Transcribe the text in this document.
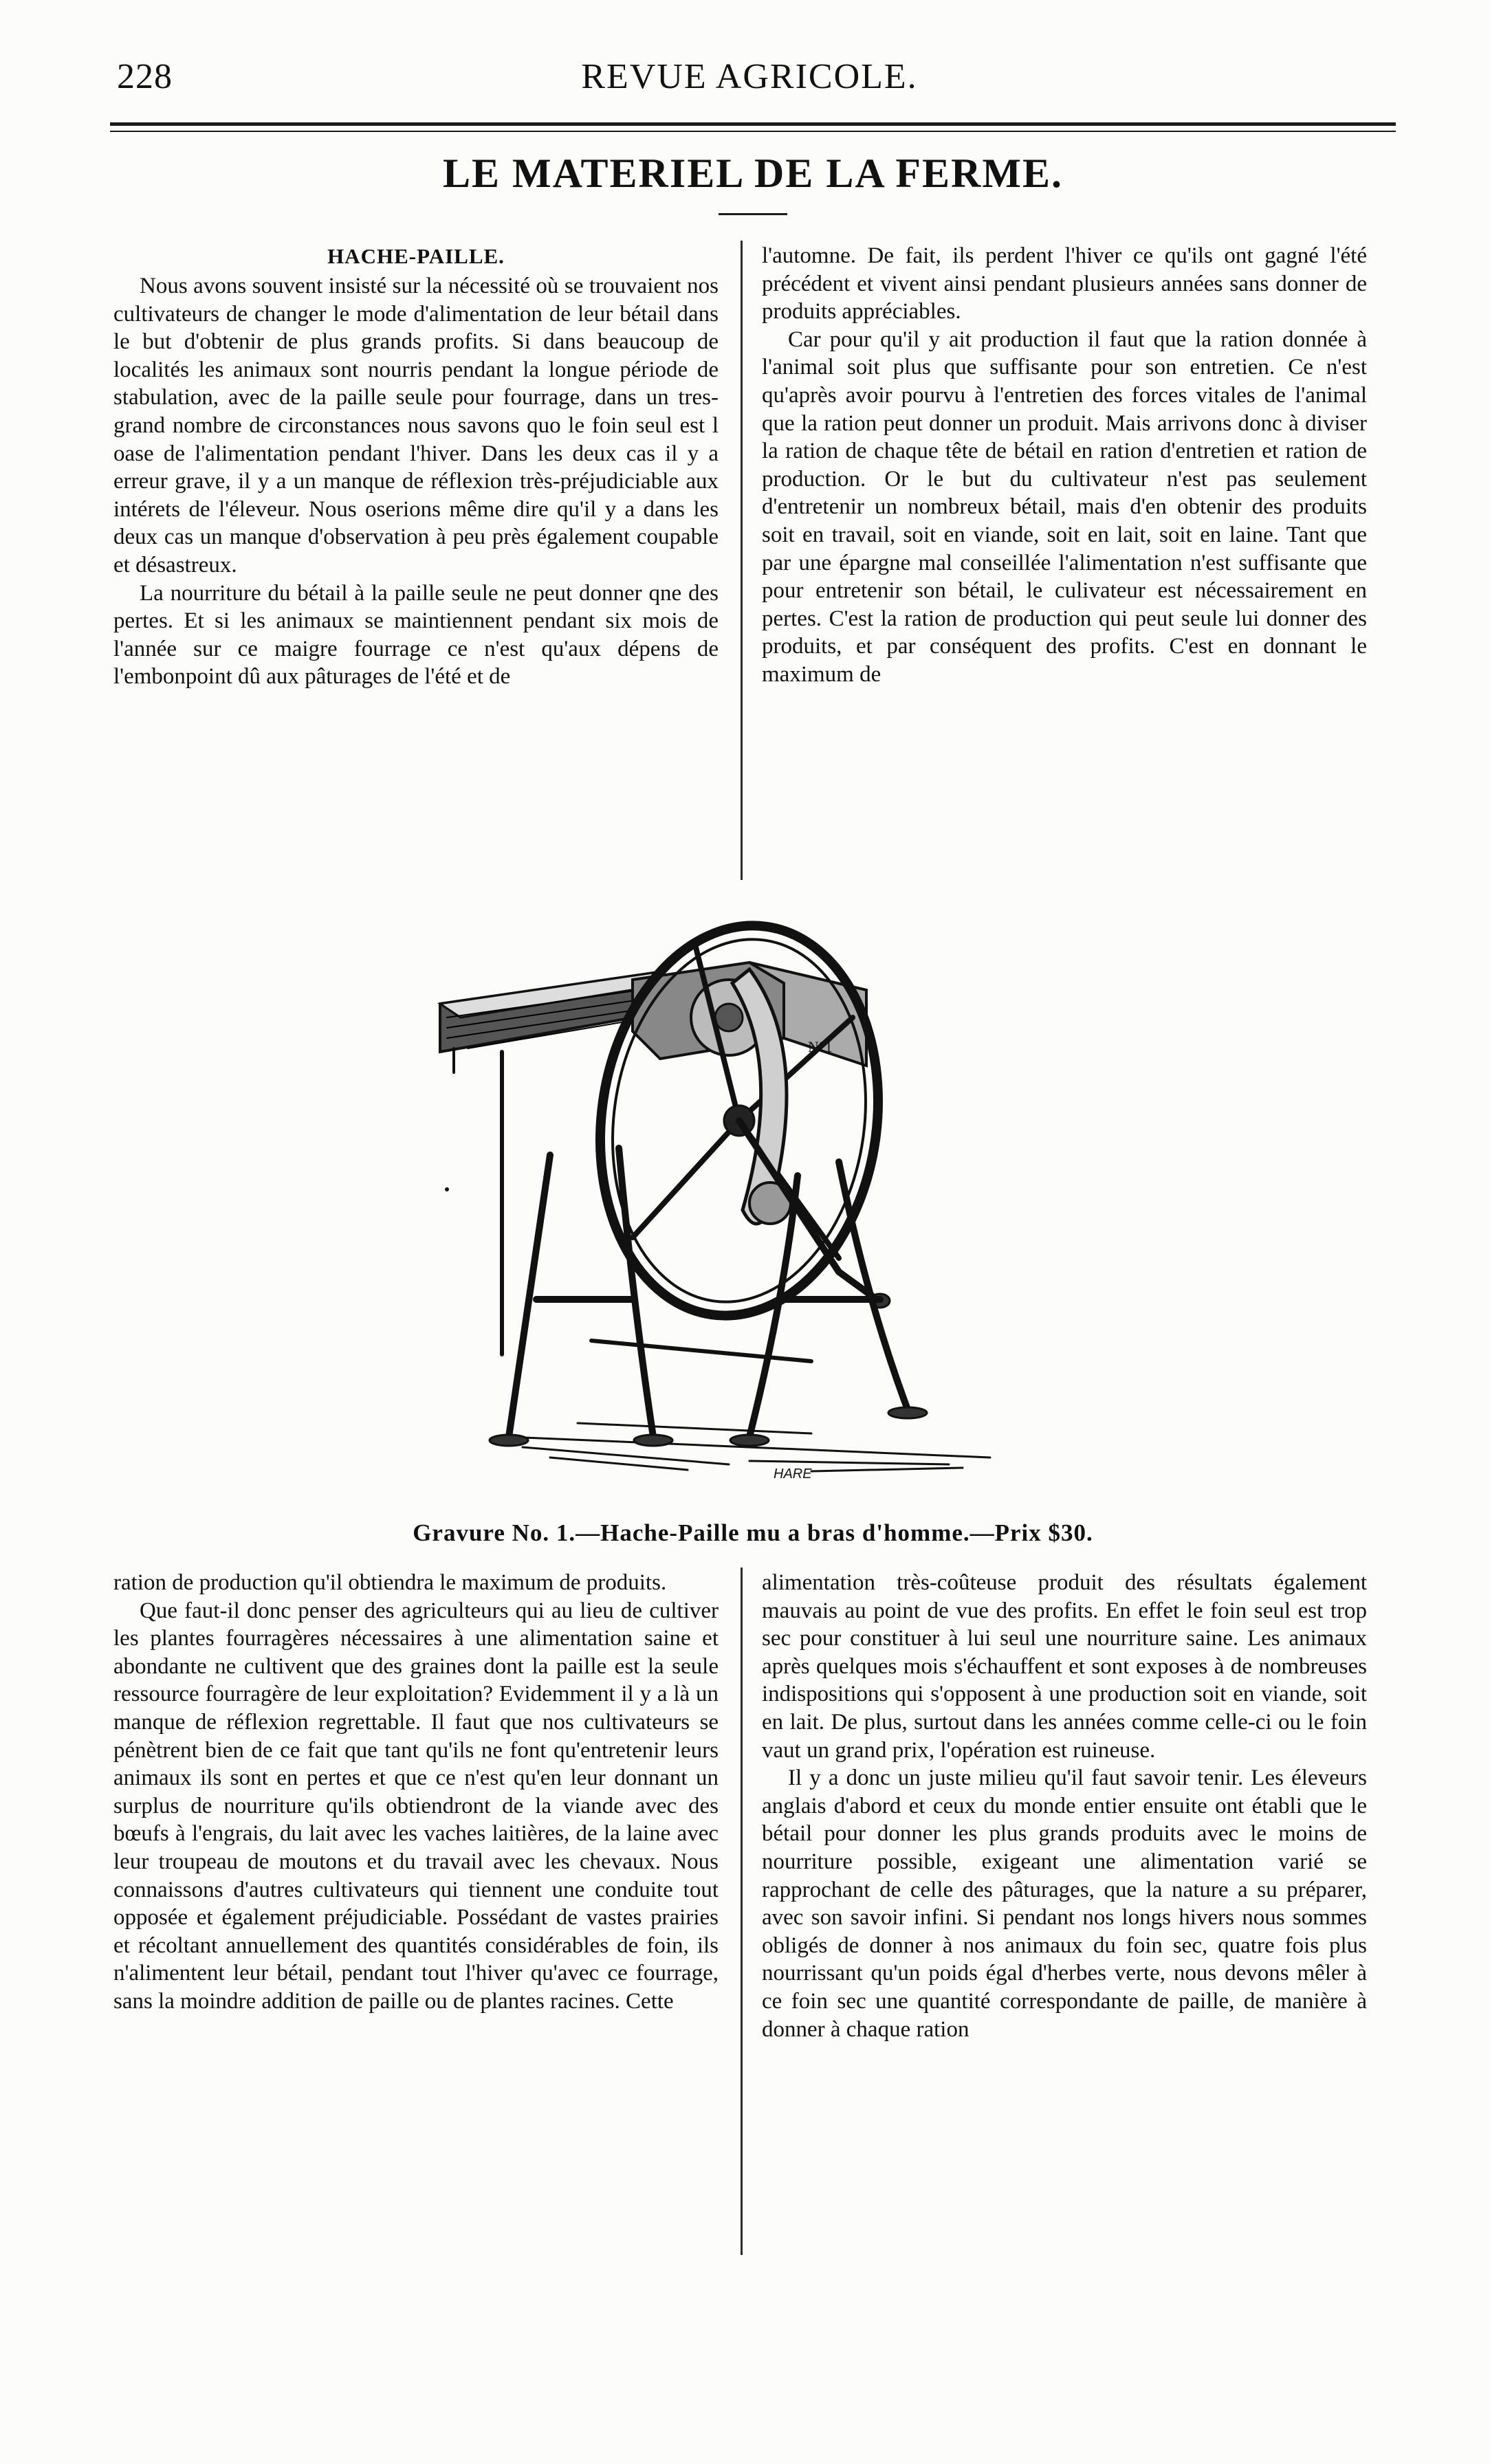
228	REVUE AGRICOLE.
LE MATERIEL DE LA FERME.
HACHE-PAILLE.

Nous avons souvent insisté sur la nécessité où se trouvaient nos cultivateurs de changer le mode d'alimentation de leur bétail dans le but d'obtenir de plus grands profits. Si dans beaucoup de localités les animaux sont nourris pendant la longue période de stabulation, avec de la paille seule pour fourrage, dans un tres-grand nombre de circonstances nous savons quo le foin seul est l oase de l'alimentation pendant l'hiver. Dans les deux cas il y a erreur grave, il y a un manque de réflexion très-préjudiciable aux intérets de l'éleveur. Nous oserions même dire qu'il y a dans les deux cas un manque d'observation à peu près également coupable et désastreux.

La nourriture du bétail à la paille seule ne peut donner qne des pertes. Et si les animaux se maintiennent pendant six mois de l'année sur ce maigre fourrage ce n'est qu'aux dépens de l'embonpoint dû aux pâturages de l'été et de

l'automne. De fait, ils perdent l'hiver ce qu'ils ont gagné l'été précédent et vivent ainsi pendant plusieurs années sans donner de produits appréciables.

Car pour qu'il y ait production il faut que la ration donnée à l'animal soit plus que suffisante pour son entretien. Ce n'est qu'après avoir pourvu à l'entretien des forces vitales de l'animal que la ration peut donner un produit. Mais arrivons donc à diviser la ration de chaque tête de bétail en ration d'entretien et ration de production. Or le but du cultivateur n'est pas seulement d'entretenir un nombreux bétail, mais d'en obtenir des produits soit en travail, soit en viande, soit en lait, soit en laine. Tant que par une épargne mal conseillée l'alimentation n'est suffisante que pour entretenir son bétail, le culivateur est nécessairement en pertes. C'est la ration de production qui peut seule lui donner des produits, et par conséquent des profits. C'est en donnant le maximum de

N°1
HARE
Gravure No. 1.—Hache-Paille mu a bras d'homme.—Prix $30.

ration de production qu'il obtiendra le maximum de produits.

Que faut-il donc penser des agriculteurs qui au lieu de cultiver les plantes fourragères nécessaires à une alimentation saine et abondante ne cultivent que des graines dont la paille est la seule ressource fourragère de leur exploitation? Evidemment il y a là un manque de réflexion regrettable. Il faut que nos cultivateurs se pénètrent bien de ce fait que tant qu'ils ne font qu'entretenir leurs animaux ils sont en pertes et que ce n'est qu'en leur donnant un surplus de nourriture qu'ils obtiendront de la viande avec des bœufs à l'engrais, du lait avec les vaches laitières, de la laine avec leur troupeau de moutons et du travail avec les chevaux. Nous connaissons d'autres cultivateurs qui tiennent une conduite tout opposée et également préjudiciable. Possédant de vastes prairies et récoltant annuellement des quantités considérables de foin, ils n'alimentent leur bétail, pendant tout l'hiver qu'avec ce fourrage, sans la moindre addition de paille ou de plantes racines. Cette

alimentation très-coûteuse produit des résultats également mauvais au point de vue des profits. En effet le foin seul est trop sec pour constituer à lui seul une nourriture saine. Les animaux après quelques mois s'échauffent et sont exposes à de nombreuses indispositions qui s'opposent à une production soit en viande, soit en lait. De plus, surtout dans les années comme celle-ci ou le foin vaut un grand prix, l'opération est ruineuse.

Il y a donc un juste milieu qu'il faut savoir tenir. Les éleveurs anglais d'abord et ceux du monde entier ensuite ont établi que le bétail pour donner les plus grands produits avec le moins de nourriture possible, exigeant une alimentation varié se rapprochant de celle des pâturages, que la nature a su préparer, avec son savoir infini. Si pendant nos longs hivers nous sommes obligés de donner à nos animaux du foin sec, quatre fois plus nourrissant qu'un poids égal d'herbes verte, nous devons mêler à ce foin sec une quantité correspondante de paille, de manière à donner à chaque ration
